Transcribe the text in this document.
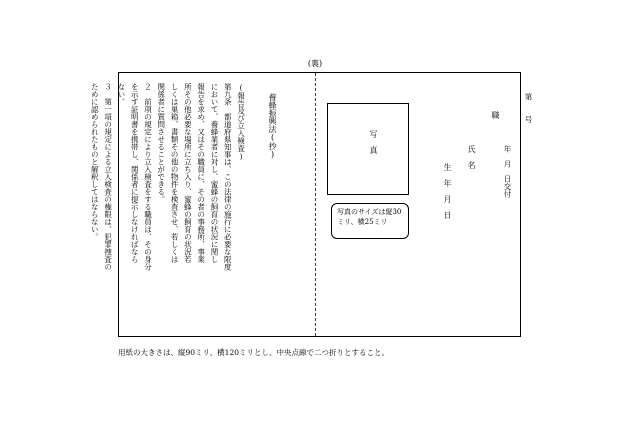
(裏)
(報告及び立入検査)
第九条　都道府県知事は、この法律の施行に必要な限度
において、養蜂業者に対し、蜜蜂の飼育の状況に関し
報告を求め、又はその職員に、その者の事務所、事業
所その他必要な場所に立ち入り、蜜蜂の飼育の状況若
しくは巣箱、書類その他の物件を検査させ、若しくは
関係者に質問させることができる。
２　前項の規定により立入検査をする職員は、その身分
を示す証明書を携帯し、関係者に提示しなければなら
ない。
３　第一項の規定による立入検査の権限は、犯罪捜査の
ために認められたものと解釈してはならない。	養蜂振興法(抄)	写　真
写真のサイズは縦30ミリ、横25ミリ
職
氏　名
生　年　月　日
第　　号
年　月　日交付
用紙の大きさは、縦90ミリ、横120ミリとし、中央点線で二つ折りとすること。
